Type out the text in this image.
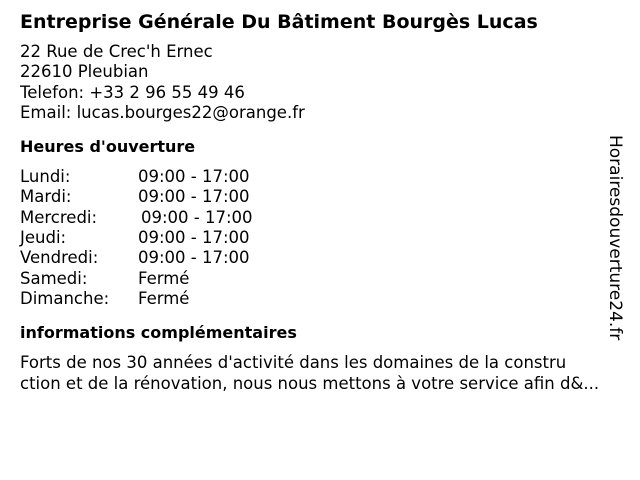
Entreprise Générale Du Bâtiment Bourgès Lucas
22 Rue de Crec'h Ernec
22610 Pleubian
Telefon: +33 2 96 55 49 46
Email: lucas.bourges22@orange.fr
Heures d'ouverture
Lundi:	09:00 - 17:00
Mardi:	09:00 - 17:00
Mercredi:	09:00 - 17:00
Jeudi:	09:00 - 17:00
Vendredi:	09:00 - 17:00
Samedi:	Fermé
Dimanche:	Fermé
informations complémentaires
Forts de nos 30 années d'activité dans les domaines de la constru
ction et de la rénovation, nous nous mettons à votre service afin d&...
Horairesdouverture24.fr
